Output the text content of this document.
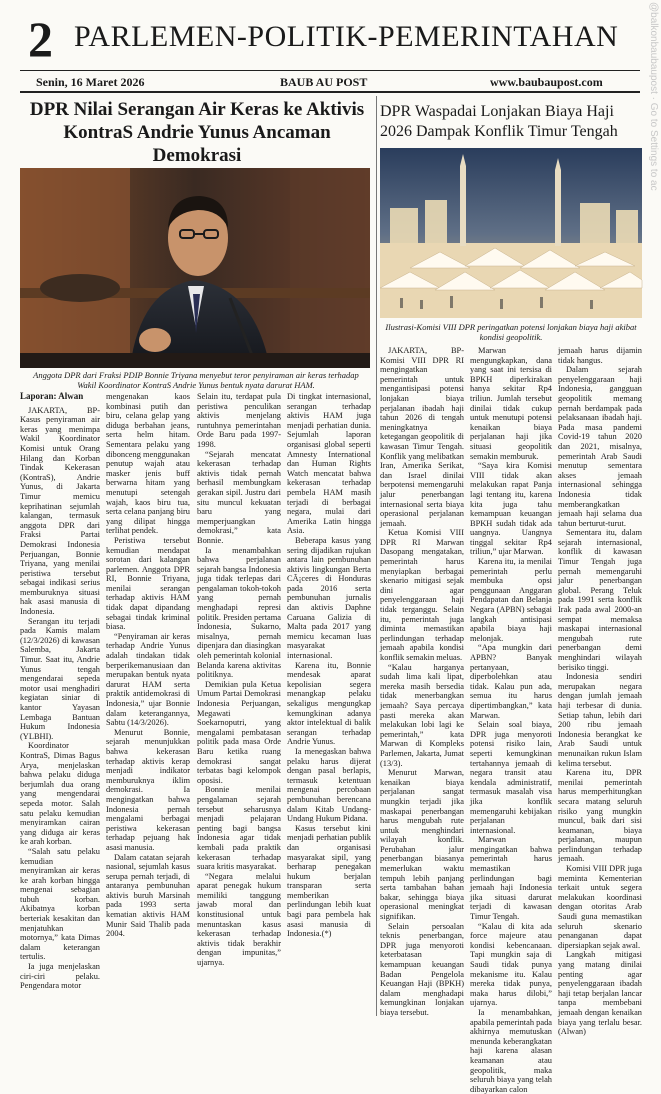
2 PARLEMEN-POLITIK-PEMERINTAHAN	@balkonbaubaupost · Go to Settings to ac
Senin, 16 Maret 2026	BAUB AU POST	www.baubaupost.com
DPR Nilai Serangan Air Keras ke Aktivis KontraS Andrie Yunus Ancaman Demokrasi
Anggota DPR dari Fraksi PDIP Bonnie Triyana menyebut teror penyiraman air keras terhadap Wakil Koordinator KontraS Andrie Yunus bentuk nyata darurat HAM.

Laporan: Alwan

JAKARTA, BP-Kasus penyiraman air keras yang menimpa Wakil Koordinator Komisi untuk Orang Hilang dan Korban Tindak Kekerasan (KontraS), Andrie Yunus, di Jakarta Timur memicu keprihatinan sejumlah kalangan, termasuk anggota DPR dari Fraksi Partai Demokrasi Indonesia Perjuangan, Bonnie Triyana, yang menilai peristiwa tersebut sebagai indikasi serius memburuknya situasi hak asasi manusia di Indonesia.

Serangan itu terjadi pada Kamis malam (12/3/2026) di kawasan Salemba, Jakarta Timur. Saat itu, Andrie Yunus tengah mengendarai sepeda motor usai menghadiri kegiatan siniar di kantor Yayasan Lembaga Bantuan Hukum Indonesia (YLBHI).

Koordinator KontraS, Dimas Bagus Arya, menjelaskan bahwa pelaku diduga berjumlah dua orang yang mengendarai sepeda motor. Salah satu pelaku kemudian menyiramkan cairan yang diduga air keras ke arah korban.

“Salah satu pelaku kemudian menyiramkan air keras ke arah korban hingga mengenai sebagian tubuh korban. Akibatnya korban berteriak kesakitan dan menjatuhkan motornya,” kata Dimas dalam keterangan tertulis.

Ia juga menjelaskan ciri-ciri pelaku. Pengendara motor

mengenakan kaos kombinasi putih dan biru, celana gelap yang diduga berbahan jeans, serta helm hitam. Sementara pelaku yang dibonceng menggunakan penutup wajah atau masker jenis buff berwarna hitam yang menutupi setengah wajah, kaos biru tua, serta celana panjang biru yang dilipat hingga terlihat pendek.

Peristiwa tersebut kemudian mendapat sorotan dari kalangan parlemen. Anggota DPR RI, Bonnie Triyana, menilai serangan terhadap aktivis HAM tidak dapat dipandang sebagai tindak kriminal biasa.

“Penyiraman air keras terhadap Andrie Yunus adalah tindakan tidak berperikemanusiaan dan merupakan bentuk nyata darurat HAM serta praktik antidemokrasi di Indonesia,” ujar Bonnie dalam keterangannya, Sabtu (14/3/2026).

Menurut Bonnie, sejarah menunjukkan bahwa kekerasan terhadap aktivis kerap menjadi indikator memburuknya iklim demokrasi. Ia mengingatkan bahwa Indonesia pernah mengalami berbagai peristiwa kekerasan terhadap pejuang hak asasi manusia.

Dalam catatan sejarah nasional, sejumlah kasus serupa pernah terjadi, di antaranya pembunuhan aktivis buruh Marsinah pada 1993 serta kematian aktivis HAM Munir Said Thalib pada 2004.

Selain itu, terdapat pula peristiwa penculikan aktivis menjelang runtuhnya pemerintahan Orde Baru pada 1997-1998.

“Sejarah mencatat kekerasan terhadap aktivis tidak pernah berhasil membungkam gerakan sipil. Justru dari situ muncul kekuatan baru yang memperjuangkan demokrasi,” kata Bonnie.

Ia menambahkan bahwa perjalanan sejarah bangsa Indonesia juga tidak terlepas dari pengalaman tokoh-tokoh yang pernah menghadapi represi politik. Presiden pertama Indonesia, Sukarno, misalnya, pernah dipenjara dan diasingkan oleh pemerintah kolonial Belanda karena aktivitas politiknya.

Demikian pula Ketua Umum Partai Demokrasi Indonesia Perjuangan, Megawati Soekarnoputri, yang mengalami pembatasan politik pada masa Orde Baru ketika ruang demokrasi sangat terbatas bagi kelompok oposisi.

Bonnie menilai pengalaman sejarah tersebut seharusnya menjadi pelajaran penting bagi bangsa Indonesia agar tidak kembali pada praktik kekerasan terhadap suara kritis masyarakat.

“Negara melalui aparat penegak hukum memiliki tanggung jawab moral dan konstitusional untuk menuntaskan kasus kekerasan terhadap aktivis tidak berakhir dengan impunitas,” ujarnya.

Di tingkat internasional, serangan terhadap aktivis HAM juga menjadi perhatian dunia. Sejumlah laporan organisasi global seperti Amnesty International dan Human Rights Watch mencatat bahwa kekerasan terhadap pembela HAM masih terjadi di berbagai negara, mulai dari Amerika Latin hingga Asia.

Beberapa kasus yang sering dijadikan rujukan antara lain pembunuhan aktivis lingkungan Berta CÃ¡ceres di Honduras pada 2016 serta pembunuhan jurnalis dan aktivis Daphne Caruana Galizia di Malta pada 2017 yang memicu kecaman luas masyarakat internasional.

Karena itu, Bonnie mendesak aparat kepolisian segera menangkap pelaku sekaligus mengungkap kemungkinan adanya aktor intelektual di balik serangan terhadap Andrie Yunus.

Ia menegaskan bahwa pelaku harus dijerat dengan pasal berlapis, termasuk ketentuan mengenai percobaan pembunuhan berencana dalam Kitab Undang-Undang Hukum Pidana.

Kasus tersebut kini menjadi perhatian publik dan organisasi masyarakat sipil, yang berharap penegakan hukum berjalan transparan serta memberikan perlindungan lebih kuat bagi para pembela hak asasi manusia di Indonesia.(*)

DPR Waspadai Lonjakan Biaya Haji 2026 Dampak Konflik Timur Tengah
Ilustrasi-Komisi VIII DPR peringatkan potensi lonjakan biaya haji akibat kondisi geopolitik.

JAKARTA, BP-Komisi VIII DPR RI mengingatkan pemerintah untuk mengantisipasi potensi lonjakan biaya perjalanan ibadah haji tahun 2026 di tengah meningkatnya ketegangan geopolitik di kawasan Timur Tengah. Konflik yang melibatkan Iran, Amerika Serikat, dan Israel dinilai berpotensi memengaruhi jalur penerbangan internasional serta biaya operasional perjalanan jemaah.

Ketua Komisi VIII DPR RI Marwan Dasopang mengatakan, pemerintah harus menyiapkan berbagai skenario mitigasi sejak dini agar penyelenggaraan haji tidak terganggu. Selain itu, pemerintah juga diminta memastikan perlindungan terhadap jemaah apabila kondisi konflik semakin meluas.

“Kalau harganya sudah lima kali lipat, mereka masih bersedia tidak menerbangkan jemaah? Saya percaya pasti mereka akan melakukan lobi lagi ke pemerintah,” kata Marwan di Kompleks Parlemen, Jakarta, Jumat (13/3).

Menurut Marwan, kenaikan biaya perjalanan sangat mungkin terjadi jika maskapai penerbangan harus mengubah rute untuk menghindari wilayah konflik. Perubahan jalur penerbangan biasanya memerlukan waktu tempuh lebih panjang serta tambahan bahan bakar, sehingga biaya operasional meningkat signifikan.

Selain persoalan teknis penerbangan, DPR juga menyoroti keterbatasan kemampuan keuangan Badan Pengelola Keuangan Haji (BPKH) dalam menghadapi kemungkinan lonjakan biaya tersebut.

Marwan mengungkapkan, dana yang saat ini tersisa di BPKH diperkirakan hanya sekitar Rp4 triliun. Jumlah tersebut dinilai tidak cukup untuk menutupi potensi kenaikan biaya perjalanan haji jika situasi geopolitik semakin memburuk.

“Saya kira Komisi VIII tidak akan melakukan rapat Panja lagi tentang itu, karena kita juga tahu kemampuan keuangan BPKH sudah tidak ada uangnya. Uangnya tinggal sekitar Rp4 triliun,” ujar Marwan.

Karena itu, ia menilai pemerintah perlu membuka opsi penggunaan Anggaran Pendapatan dan Belanja Negara (APBN) sebagai langkah antisipasi apabila biaya haji melonjak.

“Apa mungkin dari APBN? Banyak pertanyaan, diperbolehkan atau tidak. Kalau pun ada, semua itu harus dipertimbangkan,” kata Marwan.

Selain soal biaya, DPR juga menyoroti potensi risiko lain, seperti kemungkinan tertahannya jemaah di negara transit atau kendala administratif, termasuk masalah visa jika konflik memengaruhi kebijakan perjalanan internasional.

Marwan mengingatkan bahwa pemerintah harus memastikan perlindungan bagi jemaah haji Indonesia jika situasi darurat terjadi di kawasan Timur Tengah.

“Kalau di kita ada force majeure atau kondisi kebencanaan. Tapi mungkin saja di Saudi tidak punya mekanisme itu. Kalau mereka tidak punya, maka harus dilobi,” ujarnya.

Ia menambahkan, apabila pemerintah pada akhirnya memutuskan menunda keberangkatan haji karena alasan keamanan atau geopolitik, maka seluruh biaya yang telah dibayarkan calon

jemaah harus dijamin tidak hangus.

Dalam sejarah penyelenggaraan haji Indonesia, gangguan geopolitik memang pernah berdampak pada pelaksanaan ibadah haji. Pada masa pandemi Covid-19 tahun 2020 dan 2021, misalnya, pemerintah Arab Saudi menutup sementara akses jemaah internasional sehingga Indonesia tidak memberangkatkan jemaah haji selama dua tahun berturut-turut.

Sementara itu, dalam sejarah internasional, konflik di kawasan Timur Tengah juga pernah memengaruhi jalur penerbangan global. Perang Teluk pada 1991 serta konflik Irak pada awal 2000-an sempat memaksa maskapai internasional mengubah rute penerbangan demi menghindari wilayah berisiko tinggi.

Indonesia sendiri merupakan negara dengan jumlah jemaah haji terbesar di dunia. Setiap tahun, lebih dari 200 ribu jemaah Indonesia berangkat ke Arab Saudi untuk menunaikan rukun Islam kelima tersebut.

Karena itu, DPR menilai pemerintah harus memperhitungkan secara matang seluruh risiko yang mungkin muncul, baik dari sisi keamanan, biaya perjalanan, maupun perlindungan terhadap jemaah.

Komisi VIII DPR juga meminta Kementerian terkait untuk segera melakukan koordinasi dengan otoritas Arab Saudi guna memastikan seluruh skenario penanganan dapat dipersiapkan sejak awal.

Langkah mitigasi yang matang dinilai penting agar penyelenggaraan ibadah haji tetap berjalan lancar tanpa membebani jemaah dengan kenaikan biaya yang terlalu besar.(Alwan)
